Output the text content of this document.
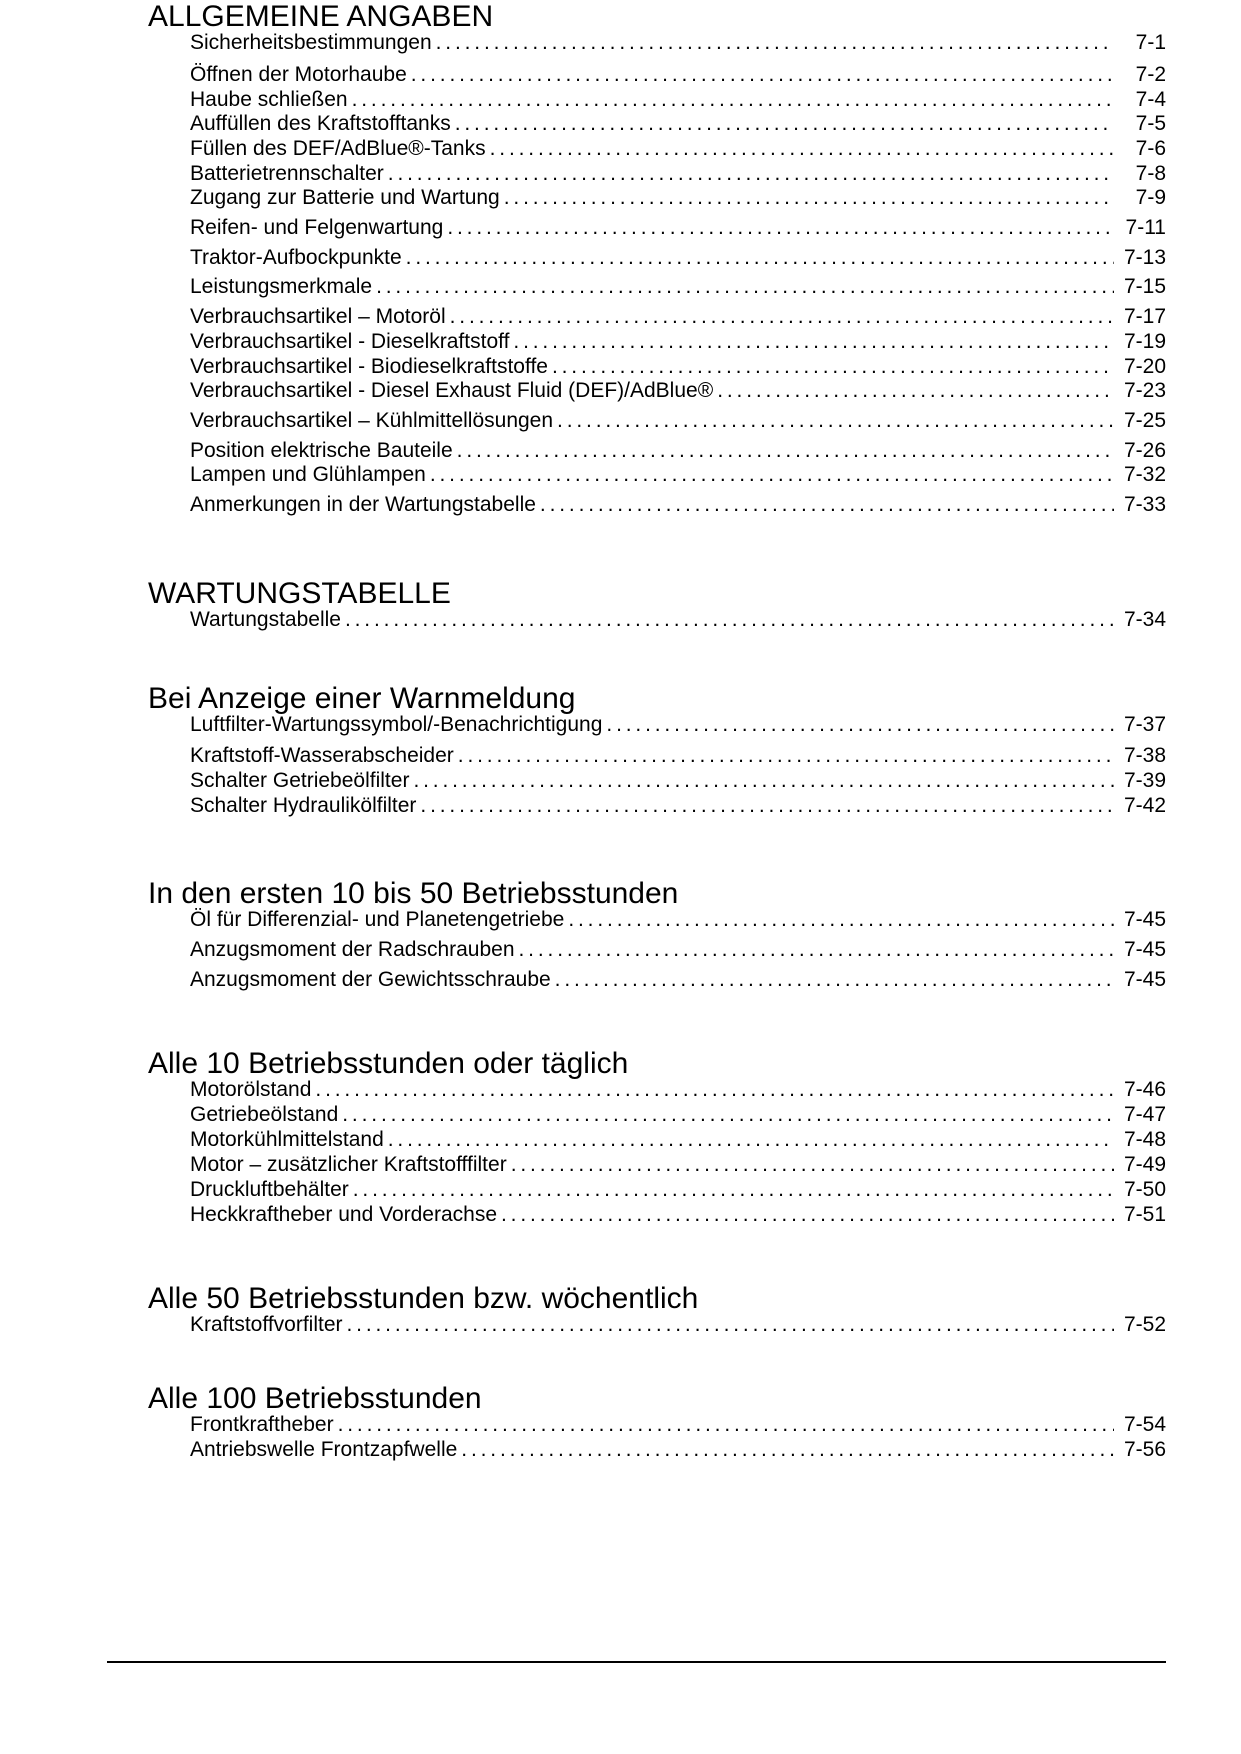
ALLGEMEINE ANGABEN
Sicherheitsbestimmungen . . .	7-1
Öffnen der Motorhaube . . .	7-2
Haube schließen . . .	7-4
Auffüllen des Kraftstofftanks . . .	7-5
Füllen des DEF/AdBlue®-Tanks . . .	7-6
Batterietrennschalter . . .	7-8
Zugang zur Batterie und Wartung . . .	7-9
Reifen- und Felgenwartung . . .	7-11
Traktor-Aufbockpunkte . . .	7-13
Leistungsmerkmale . . .	7-15
Verbrauchsartikel – Motoröl . . .	7-17
Verbrauchsartikel - Dieselkraftstoff . . .	7-19
Verbrauchsartikel - Biodieselkraftstoffe . . .	7-20
Verbrauchsartikel - Diesel Exhaust Fluid (DEF)/AdBlue® . . .	7-23
Verbrauchsartikel – Kühlmittellösungen . . .	7-25
Position elektrische Bauteile . . .	7-26
Lampen und Glühlampen . . .	7-32
Anmerkungen in der Wartungstabelle . . .	7-33
WARTUNGSTABELLE
Wartungstabelle . . .	7-34
Bei Anzeige einer Warnmeldung
Luftfilter-Wartungssymbol/-Benachrichtigung . . .	7-37
Kraftstoff-Wasserabscheider . . .	7-38
Schalter Getriebeölfilter . . .	7-39
Schalter Hydraulikölfilter . . .	7-42
In den ersten 10 bis 50 Betriebsstunden
Öl für Differenzial- und Planetengetriebe . . .	7-45
Anzugsmoment der Radschrauben . . .	7-45
Anzugsmoment der Gewichtsschraube . . .	7-45
Alle 10 Betriebsstunden oder täglich
Motorölstand . . .	7-46
Getriebeölstand . . .	7-47
Motorkühlmittelstand . . .	7-48
Motor – zusätzlicher Kraftstofffilter . . .	7-49
Druckluftbehälter . . .	7-50
Heckkraftheber und Vorderachse . . .	7-51
Alle 50 Betriebsstunden bzw. wöchentlich
Kraftstoffvorfilter . . .	7-52
Alle 100 Betriebsstunden
Frontkraftheber . . .	7-54
Antriebswelle Frontzapfwelle . . .	7-56
